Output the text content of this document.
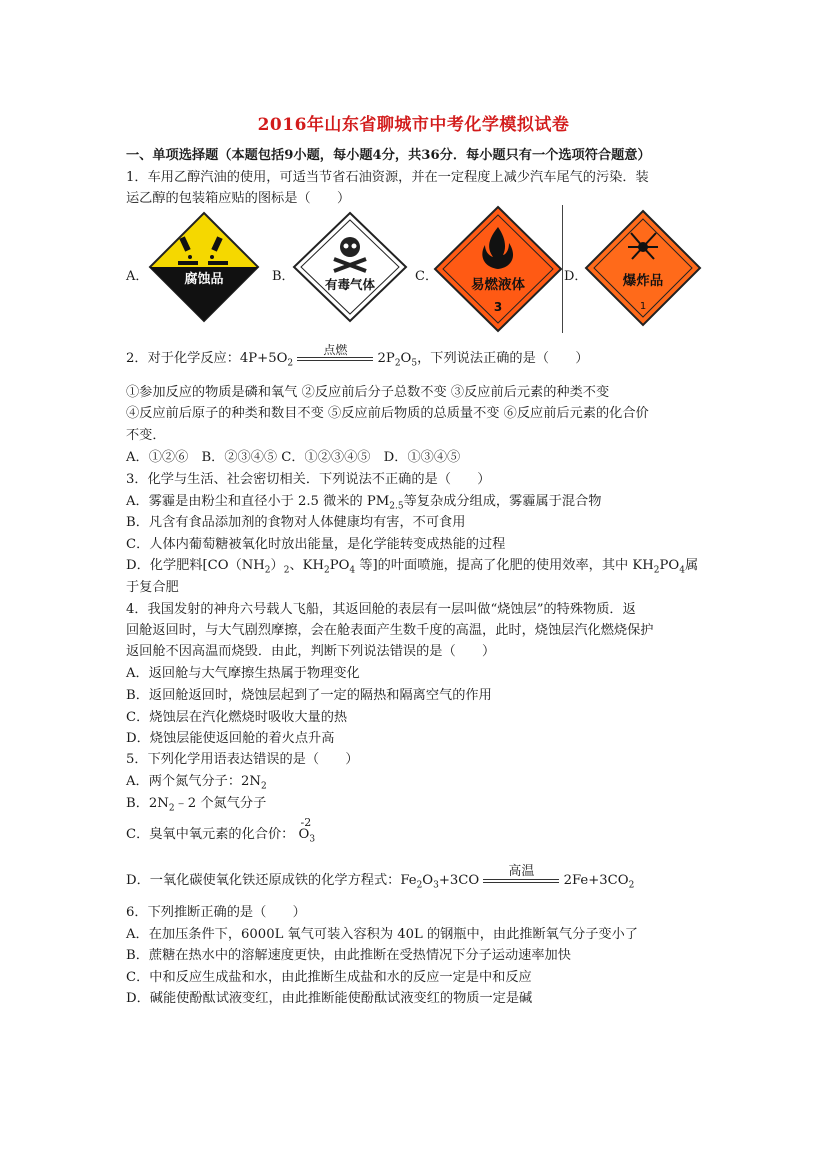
2016年山东省聊城市中考化学模拟试卷
一、单项选择题（本题包括9小题，每小题4分，共36分．每小题只有一个选项符合题意）
1．车用乙醇汽油的使用，可适当节省石油资源，并在一定程度上减少汽车尾气的污染．装
运乙醇的包装箱应贴的图标是（　　）
A．	腐蚀品	B．
有毒气体
C．
易燃液体
3
D．	爆炸品
1
2．对于化学反应：$4P+5O_2$
点燃
$2P_2O_5$，下列说法正确的是（　　）
①参加反应的物质是磷和氧气 ②反应前后分子总数不变 ③反应前后元素的种类不变
④反应前后原子的种类和数目不变 ⑤反应前后物质的总质量不变 ⑥反应前后元素的化合价
不变．
A．①②⑥　B．②③④⑤ C．①②③④⑤　D．①③④⑤
3．化学与生活、社会密切相关．下列说法不正确的是（　　）
A．雾霾是由粉尘和直径小于 2.5 微米的 $PM_{2.5}$等复杂成分组成，雾霾属于混合物
B．凡含有食品添加剂的食物对人体健康均有害，不可食用
C．人体内葡萄糖被氧化时放出能量，是化学能转变成热能的过程
D．化学肥料[$CO(NH_2)_2$、$KH_2PO_4$ 等]的叶面喷施，提高了化肥的使用效率，其中 $KH_2PO_4$属
于复合肥
4．我国发射的神舟六号载人飞船，其返回舱的表层有一层叫做“烧蚀层”的特殊物质．返
回舱返回时，与大气剧烈摩擦，会在舱表面产生数千度的高温，此时，烧蚀层汽化燃烧保护
返回舱不因高温而烧毁．由此，判断下列说法错误的是（　　）
A．返回舱与大气摩擦生热属于物理变化
B．返回舱返回时，烧蚀层起到了一定的隔热和隔离空气的作用
C．烧蚀层在汽化燃烧时吸收大量的热
D．烧蚀层能使返回舱的着火点升高
5．下列化学用语表达错误的是（　　）
A．两个氮气分子：$2N_2$
B．$2N_2﹣2$ 个氮气分子
C．臭氧中氧元素的化合价：
-2
$O_3$
D．一氧化碳使氧化铁还原成铁的化学方程式：$Fe_2O_3+3CO$
高温
$2Fe+3CO_2$
6．下列推断正确的是（　　）
A．在加压条件下，6000L 氧气可装入容积为 40L 的钢瓶中，由此推断氧气分子变小了
B．蔗糖在热水中的溶解速度更快，由此推断在受热情况下分子运动速率加快
C．中和反应生成盐和水，由此推断生成盐和水的反应一定是中和反应
D．碱能使酚酞试液变红，由此推断能使酚酞试液变红的物质一定是碱
